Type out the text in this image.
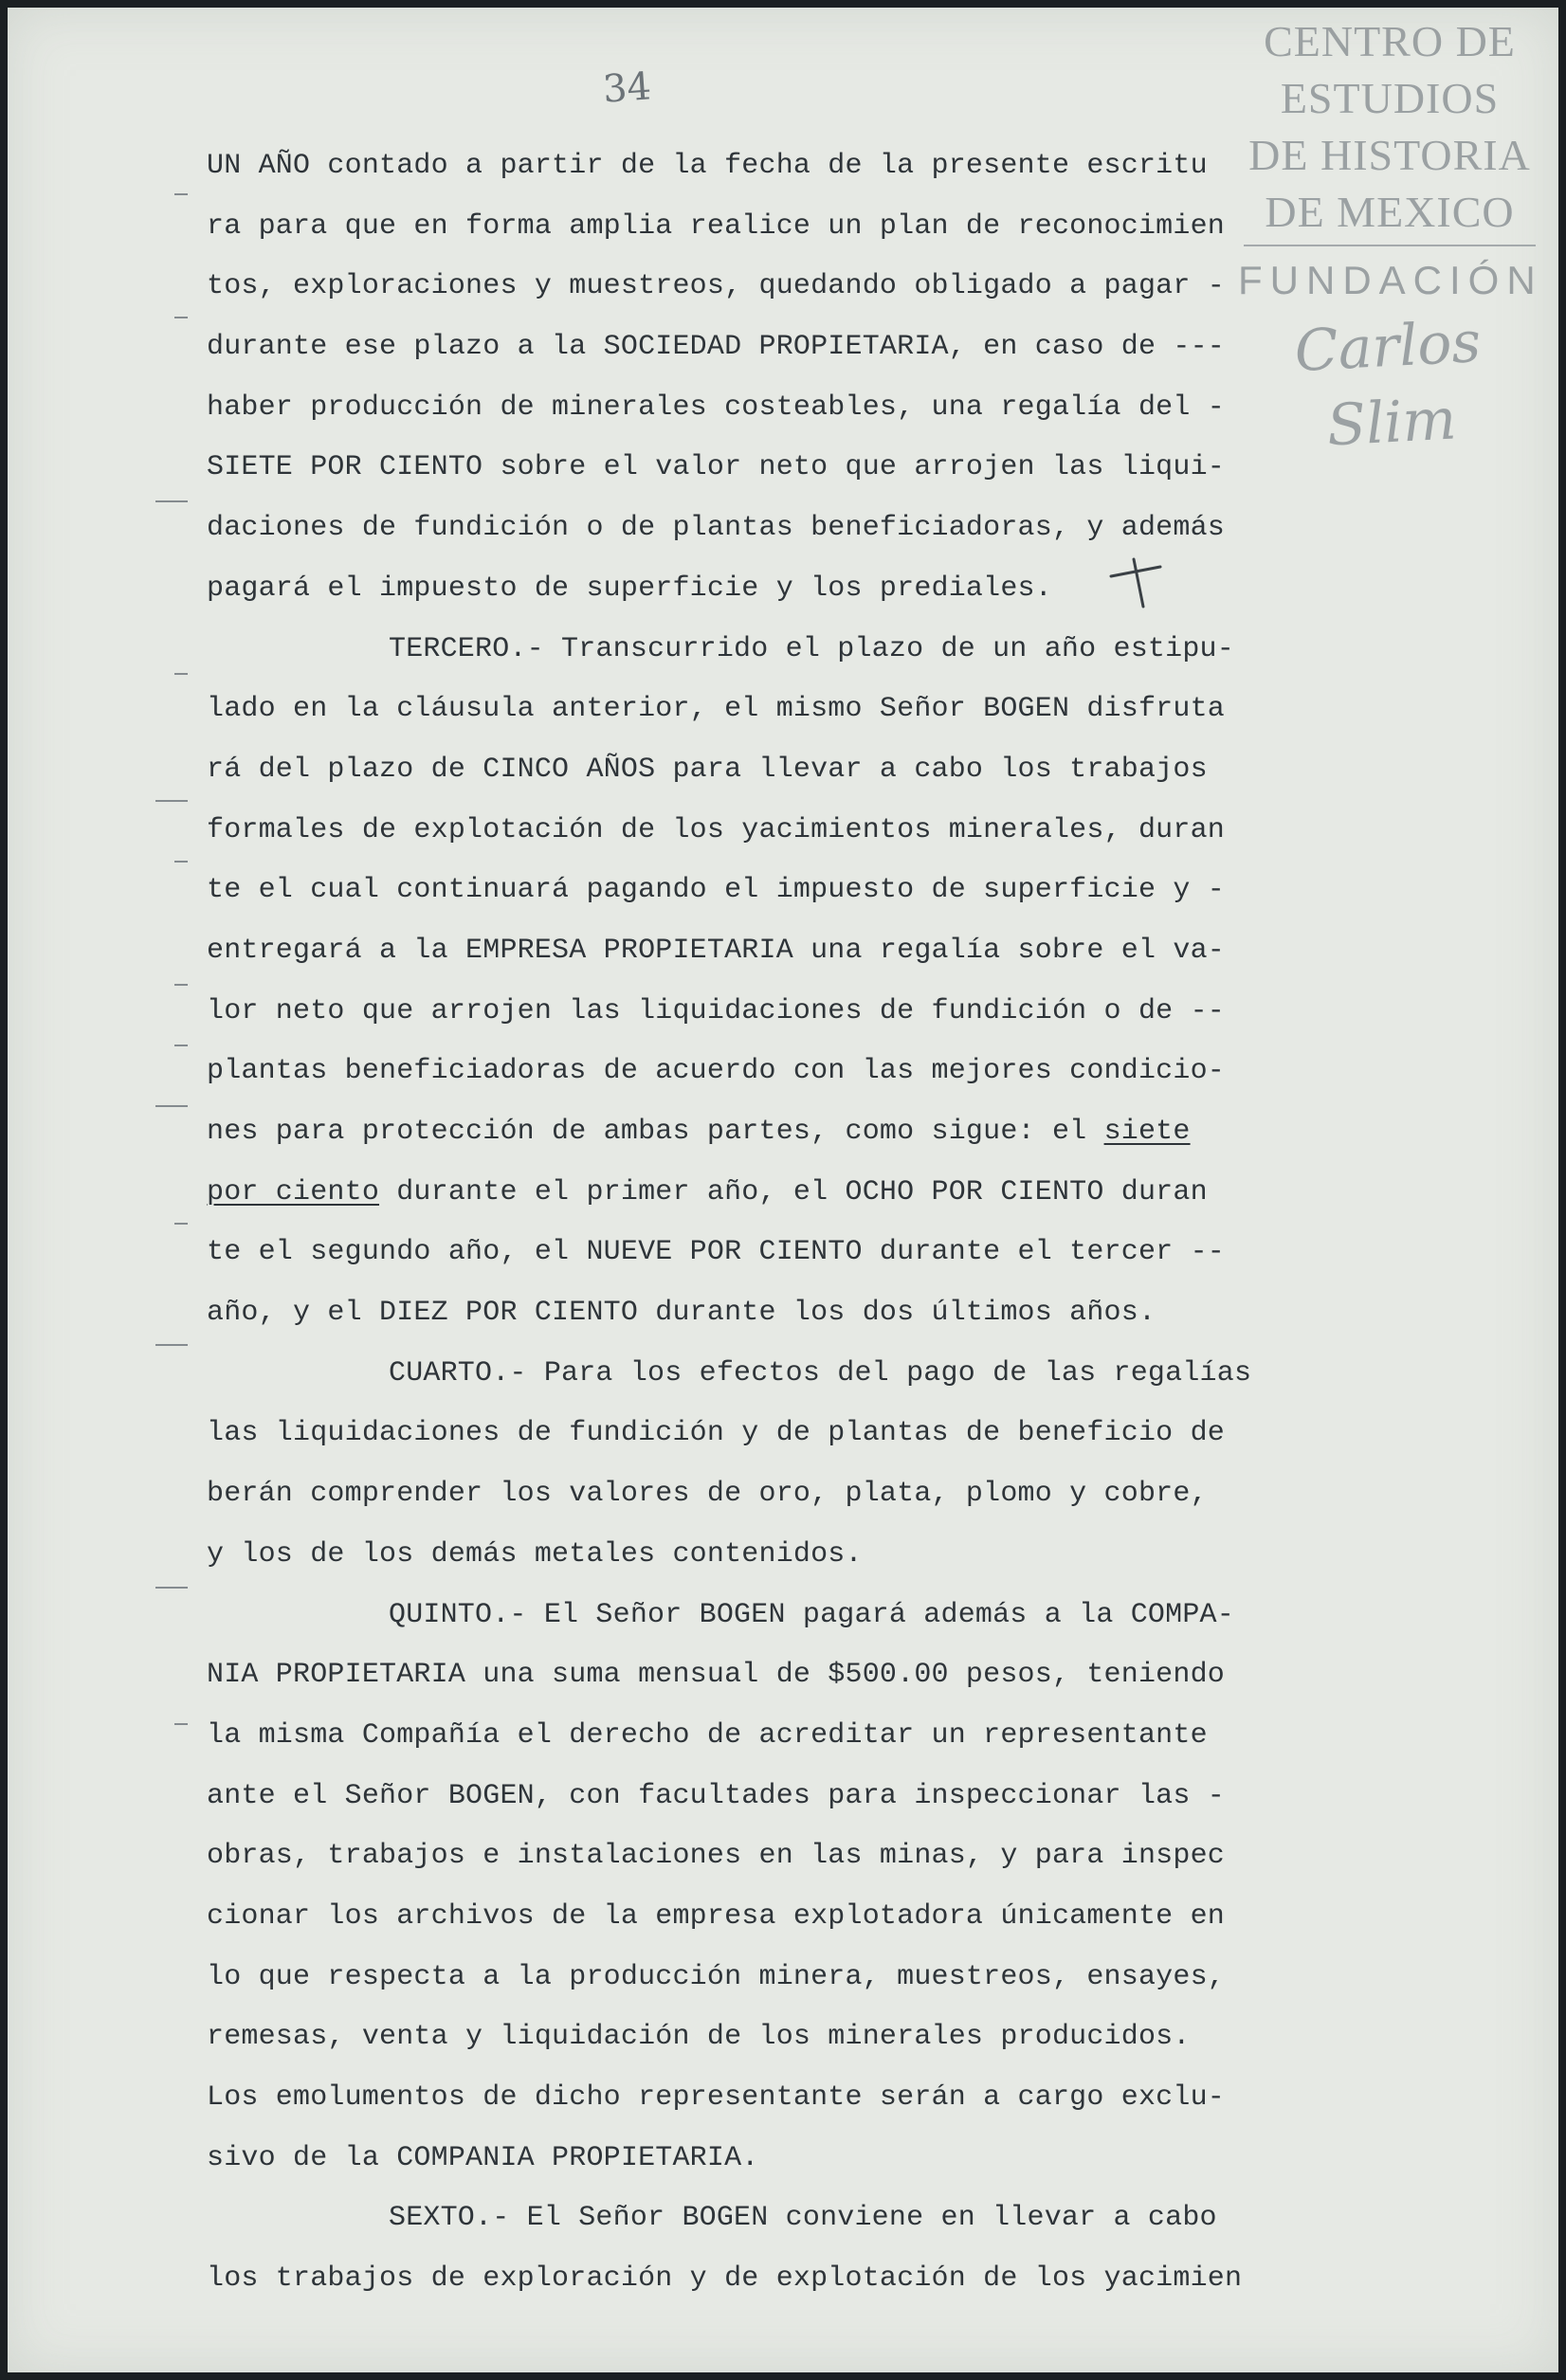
34
CENTRO DE
ESTUDIOS
DE HISTORIA
DE MEXICO
FUNDACIÓN
Carlos Slim
UN AÑO contado a partir de la fecha de la presente escritu
ra para que en forma amplia realice un plan de reconocimien
tos, exploraciones y muestreos, quedando obligado a pagar -
durante ese plazo a la SOCIEDAD PROPIETARIA, en caso de ---
haber producción de minerales costeables, una regalía del -
SIETE POR CIENTO sobre el valor neto que arrojen las liqui-
daciones de fundición o de plantas beneficiadoras, y además
pagará el impuesto de superficie y los prediales.
TERCERO.- Transcurrido el plazo de un año estipu-
lado en la cláusula anterior, el mismo Señor BOGEN disfruta
rá del plazo de CINCO AÑOS para llevar a cabo los trabajos
formales de explotación de los yacimientos minerales, duran
te el cual continuará pagando el impuesto de superficie y -
entregará a la EMPRESA PROPIETARIA una regalía sobre el va-
lor neto que arrojen las liquidaciones de fundición o de --
plantas beneficiadoras de acuerdo con las mejores condicio-
nes para protección de ambas partes, como sigue: el siete
por ciento durante el primer año, el OCHO POR CIENTO duran
te el segundo año, el NUEVE POR CIENTO durante el tercer --
año, y el DIEZ POR CIENTO durante los dos últimos años.
CUARTO.- Para los efectos del pago de las regalías
las liquidaciones de fundición y de plantas de beneficio de
berán comprender los valores de oro, plata, plomo y cobre,
y los de los demás metales contenidos.
QUINTO.- El Señor BOGEN pagará además a la COMPA-
NIA PROPIETARIA una suma mensual de $500.00 pesos, teniendo
la misma Compañía el derecho de acreditar un representante
ante el Señor BOGEN, con facultades para inspeccionar las -
obras, trabajos e instalaciones en las minas, y para inspec
cionar los archivos de la empresa explotadora únicamente en
lo que respecta a la producción minera, muestreos, ensayes,
remesas, venta y liquidación de los minerales producidos.
Los emolumentos de dicho representante serán a cargo exclu-
sivo de la COMPANIA PROPIETARIA.
SEXTO.- El Señor BOGEN conviene en llevar a cabo
los trabajos de exploración y de explotación de los yacimien
